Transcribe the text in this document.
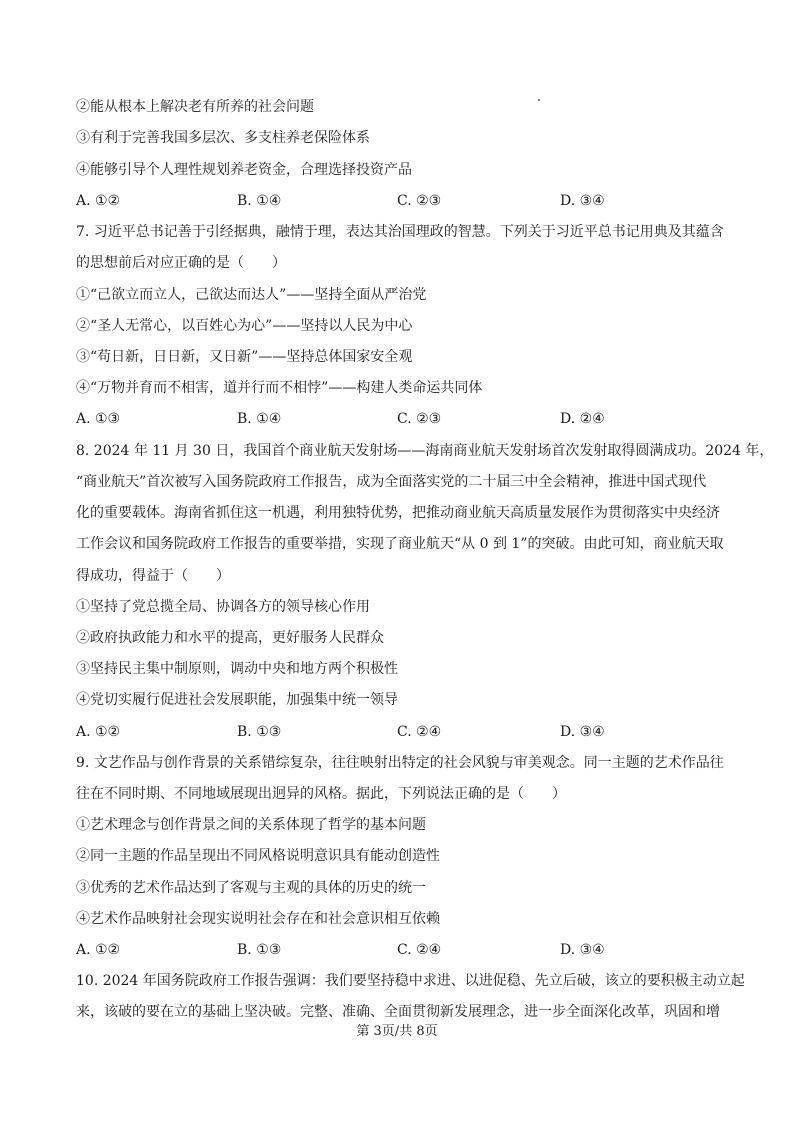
②能从根本上解决老有所养的社会问题
③有利于完善我国多层次、多支柱养老保险体系
④能够引导个人理性规划养老资金，合理选择投资产品
A. ①②	B. ①④	C. ②③	D. ③④
7. 习近平总书记善于引经据典，融情于理，表达其治国理政的智慧。下列关于习近平总书记用典及其蕴含
的思想前后对应正确的是（　　）
①“己欲立而立人，己欲达而达人”——坚持全面从严治党
②“圣人无常心，以百姓心为心”——坚持以人民为中心
③“苟日新，日日新，又日新”——坚持总体国家安全观
④“万物并育而不相害，道并行而不相悖”——构建人类命运共同体
A. ①③	B. ①④	C. ②③	D. ②④
8. 2024 年 11 月 30 日，我国首个商业航天发射场——海南商业航天发射场首次发射取得圆满成功。2024 年，
“商业航天”首次被写入国务院政府工作报告，成为全面落实党的二十届三中全会精神，推进中国式现代
化的重要载体。海南省抓住这一机遇，利用独特优势，把推动商业航天高质量发展作为贯彻落实中央经济
工作会议和国务院政府工作报告的重要举措，实现了商业航天“从 0 到 1”的突破。由此可知，商业航天取
得成功，得益于（　　）
①坚持了党总揽全局、协调各方的领导核心作用
②政府执政能力和水平的提高，更好服务人民群众
③坚持民主集中制原则，调动中央和地方两个积极性
④党切实履行促进社会发展职能，加强集中统一领导
A. ①②	B. ①③	C. ②④	D. ③④
9. 文艺作品与创作背景的关系错综复杂，往往映射出特定的社会风貌与审美观念。同一主题的艺术作品往
往在不同时期、不同地域展现出迥异的风格。据此，下列说法正确的是（　　）
①艺术理念与创作背景之间的关系体现了哲学的基本问题
②同一主题的作品呈现出不同风格说明意识具有能动创造性
③优秀的艺术作品达到了客观与主观的具体的历史的统一
④艺术作品映射社会现实说明社会存在和社会意识相互依赖
A. ①②	B. ①③	C. ②④	D. ③④
10. 2024 年国务院政府工作报告强调：我们要坚持稳中求进、以进促稳、先立后破，该立的要积极主动立起
来，该破的要在立的基础上坚决破。完整、准确、全面贯彻新发展理念，进一步全面深化改革，巩固和增
第 3页/共 8页
